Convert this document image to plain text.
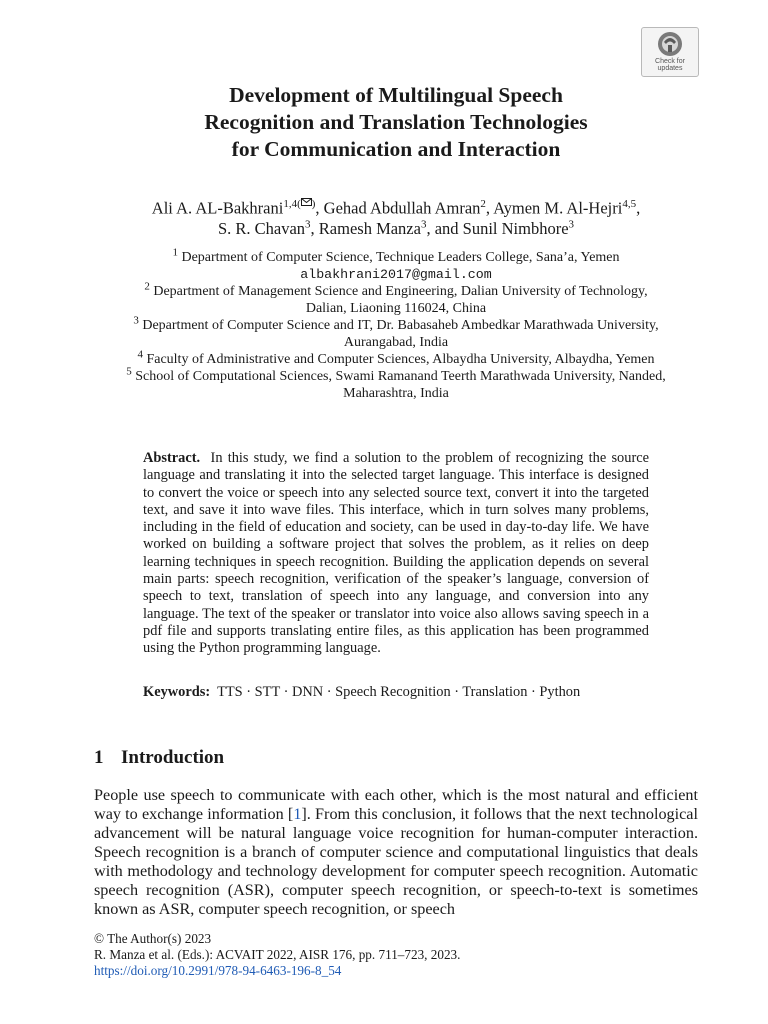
Check for
updates
Development of Multilingual Speech
Recognition and Translation Technologies
for Communication and Interaction
Ali A. AL-Bakhrani$^{1,4( )}$, Gehad Abdullah Amran$^2$, Aymen M. Al-Hejri$^{4,5}$,
S. R. Chavan$^3$, Ramesh Manza$^3$, and Sunil Nimbhore$^3$
$^1$ Department of Computer Science, Technique Leaders College, Sana’a, Yemen
albakhrani2017@gmail.com
$^2$ Department of Management Science and Engineering, Dalian University of Technology,
Dalian, Liaoning 116024, China
$^3$ Department of Computer Science and IT, Dr. Babasaheb Ambedkar Marathwada University,
Aurangabad, India
$^4$ Faculty of Administrative and Computer Sciences, Albaydha University, Albaydha, Yemen
$^5$ School of Computational Sciences, Swami Ramanand Teerth Marathwada University, Nanded,
Maharashtra, India

Abstract. In this study, we find a solution to the problem of recognizing the source language and translating it into the selected target language. This interface is designed to convert the voice or speech into any selected source text, convert it into the targeted text, and save it into wave files. This interface, which in turn solves many problems, including in the field of education and society, can be used in day-to-day life. We have worked on building a software project that solves the problem, as it relies on deep learning techniques in speech recognition. Building the application depends on several main parts: speech recognition, verification of the speaker’s language, conversion of speech to text, translation of speech into any language, and conversion into any language. The text of the speaker or translator into voice also allows saving speech in a pdf file and supports translating entire files, as this application has been programmed using the Python programming language.

Keywords: TTS · STT · DNN · Speech Recognition · Translation · Python

1 Introduction

People use speech to communicate with each other, which is the most natural and efficient way to exchange information [1]. From this conclusion, it follows that the next technological advancement will be natural language voice recognition for human-computer interaction. Speech recognition is a branch of computer science and computational linguistics that deals with methodology and technology development for computer speech recognition. Automatic speech recognition (ASR), computer speech recognition, or speech-to-text is sometimes known as ASR, computer speech recognition, or speech

© The Author(s) 2023
R. Manza et al. (Eds.): ACVAIT 2022, AISR 176, pp. 711–723, 2023.
https://doi.org/10.2991/978-94-6463-196-8_54
